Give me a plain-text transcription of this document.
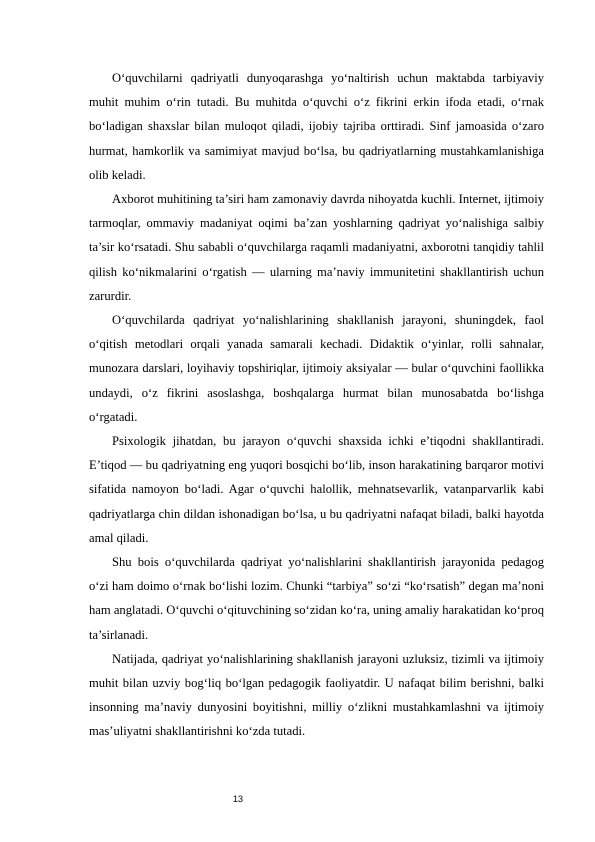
O‘quvchilarni qadriyatli dunyoqarashga yo‘naltirish uchun maktabda tarbiyaviy muhit muhim o‘rin tutadi. Bu muhitda o‘quvchi o‘z fikrini erkin ifoda etadi, o‘rnak bo‘ladigan shaxslar bilan muloqot qiladi, ijobiy tajriba orttiradi. Sinf jamoasida o‘zaro hurmat, hamkorlik va samimiyat mavjud bo‘lsa, bu qadriyatlarning mustahkamlanishiga olib keladi.

Axborot muhitining ta’siri ham zamonaviy davrda nihoyatda kuchli. Internet, ijtimoiy tarmoqlar, ommaviy madaniyat oqimi ba’zan yoshlarning qadriyat yo‘nalishiga salbiy ta’sir ko‘rsatadi. Shu sababli o‘quvchilarga raqamli madaniyatni, axborotni tanqidiy tahlil qilish ko‘nikmalarini o‘rgatish — ularning ma’naviy immunitetini shakllantirish uchun zarurdir.

O‘quvchilarda qadriyat yo‘nalishlarining shakllanish jarayoni, shuningdek, faol o‘qitish metodlari orqali yanada samarali kechadi. Didaktik o‘yinlar, rolli sahnalar, munozara darslari, loyihaviy topshiriqlar, ijtimoiy aksiyalar — bular o‘quvchini faollikka undaydi, o‘z fikrini asoslashga, boshqalarga hurmat bilan munosabatda bo‘lishga o‘rgatadi.

Psixologik jihatdan, bu jarayon o‘quvchi shaxsida ichki e’tiqodni shakllantiradi. E’tiqod — bu qadriyatning eng yuqori bosqichi bo‘lib, inson harakatining barqaror motivi sifatida namoyon bo‘ladi. Agar o‘quvchi halollik, mehnatsevarlik, vatanparvarlik kabi qadriyatlarga chin dildan ishonadigan bo‘lsa, u bu qadriyatni nafaqat biladi, balki hayotda amal qiladi.

Shu bois o‘quvchilarda qadriyat yo‘nalishlarini shakllantirish jarayonida pedagog o‘zi ham doimo o‘rnak bo‘lishi lozim. Chunki “tarbiya” so‘zi “ko‘rsatish” degan ma’noni ham anglatadi. O‘quvchi o‘qituvchining so‘zidan ko‘ra, uning amaliy harakatidan ko‘proq ta’sirlanadi.

Natijada, qadriyat yo‘nalishlarining shakllanish jarayoni uzluksiz, tizimli va ijtimoiy muhit bilan uzviy bog‘liq bo‘lgan pedagogik faoliyatdir. U nafaqat bilim berishni, balki insonning ma’naviy dunyosini boyitishni, milliy o‘zlikni mustahkamlashni va ijtimoiy mas’uliyatni shakllantirishni ko‘zda tutadi.

13
